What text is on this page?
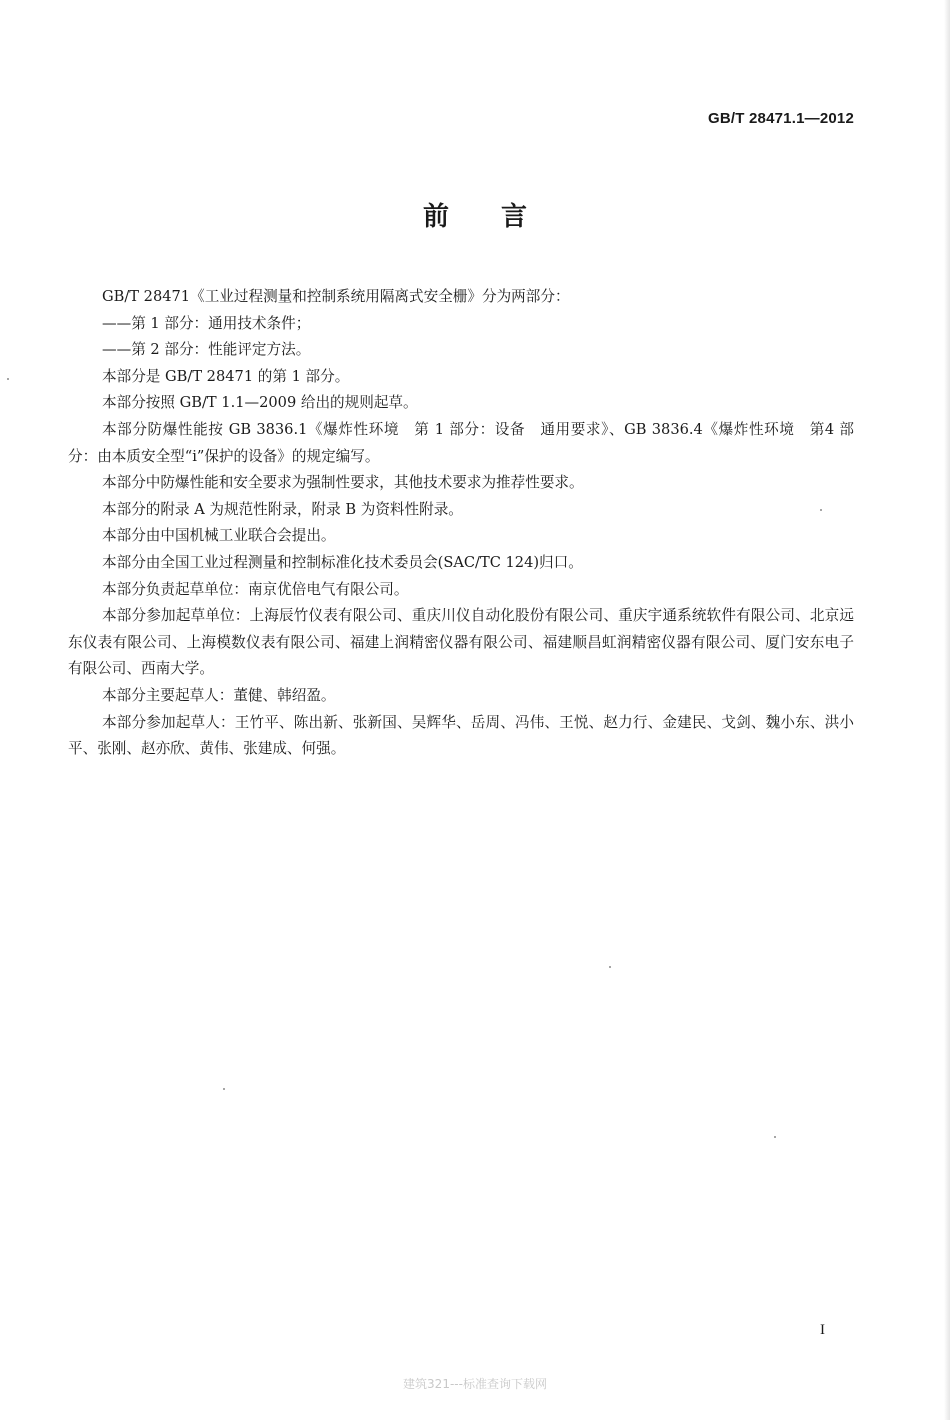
GB/T 28471.1—2012
前言

GB/T 28471《工业过程测量和控制系统用隔离式安全栅》分为两部分：

——第 1 部分：通用技术条件；

——第 2 部分：性能评定方法。

本部分是 GB/T 28471 的第 1 部分。

本部分按照 GB/T 1.1—2009 给出的规则起草。

本部分防爆性能按 GB 3836.1《爆炸性环境　第 1 部分：设备　通用要求》、GB 3836.4《爆炸性环境　第4 部分：由本质安全型“i”保护的设备》的规定编写。

本部分中防爆性能和安全要求为强制性要求，其他技术要求为推荐性要求。

本部分的附录 A 为规范性附录，附录 B 为资料性附录。

本部分由中国机械工业联合会提出。

本部分由全国工业过程测量和控制标准化技术委员会(SAC/TC 124)归口。

本部分负责起草单位：南京优倍电气有限公司。

本部分参加起草单位：上海辰竹仪表有限公司、重庆川仪自动化股份有限公司、重庆宇通系统软件有限公司、北京远东仪表有限公司、上海模数仪表有限公司、福建上润精密仪器有限公司、福建顺昌虹润精密仪器有限公司、厦门安东电子有限公司、西南大学。

本部分主要起草人：董健、韩绍盈。

本部分参加起草人：王竹平、陈出新、张新国、吴辉华、岳周、冯伟、王悦、赵力行、金建民、戈剑、魏小东、洪小平、张刚、赵亦欣、黄伟、张建成、何强。

I
建筑321---标准查询下载网
